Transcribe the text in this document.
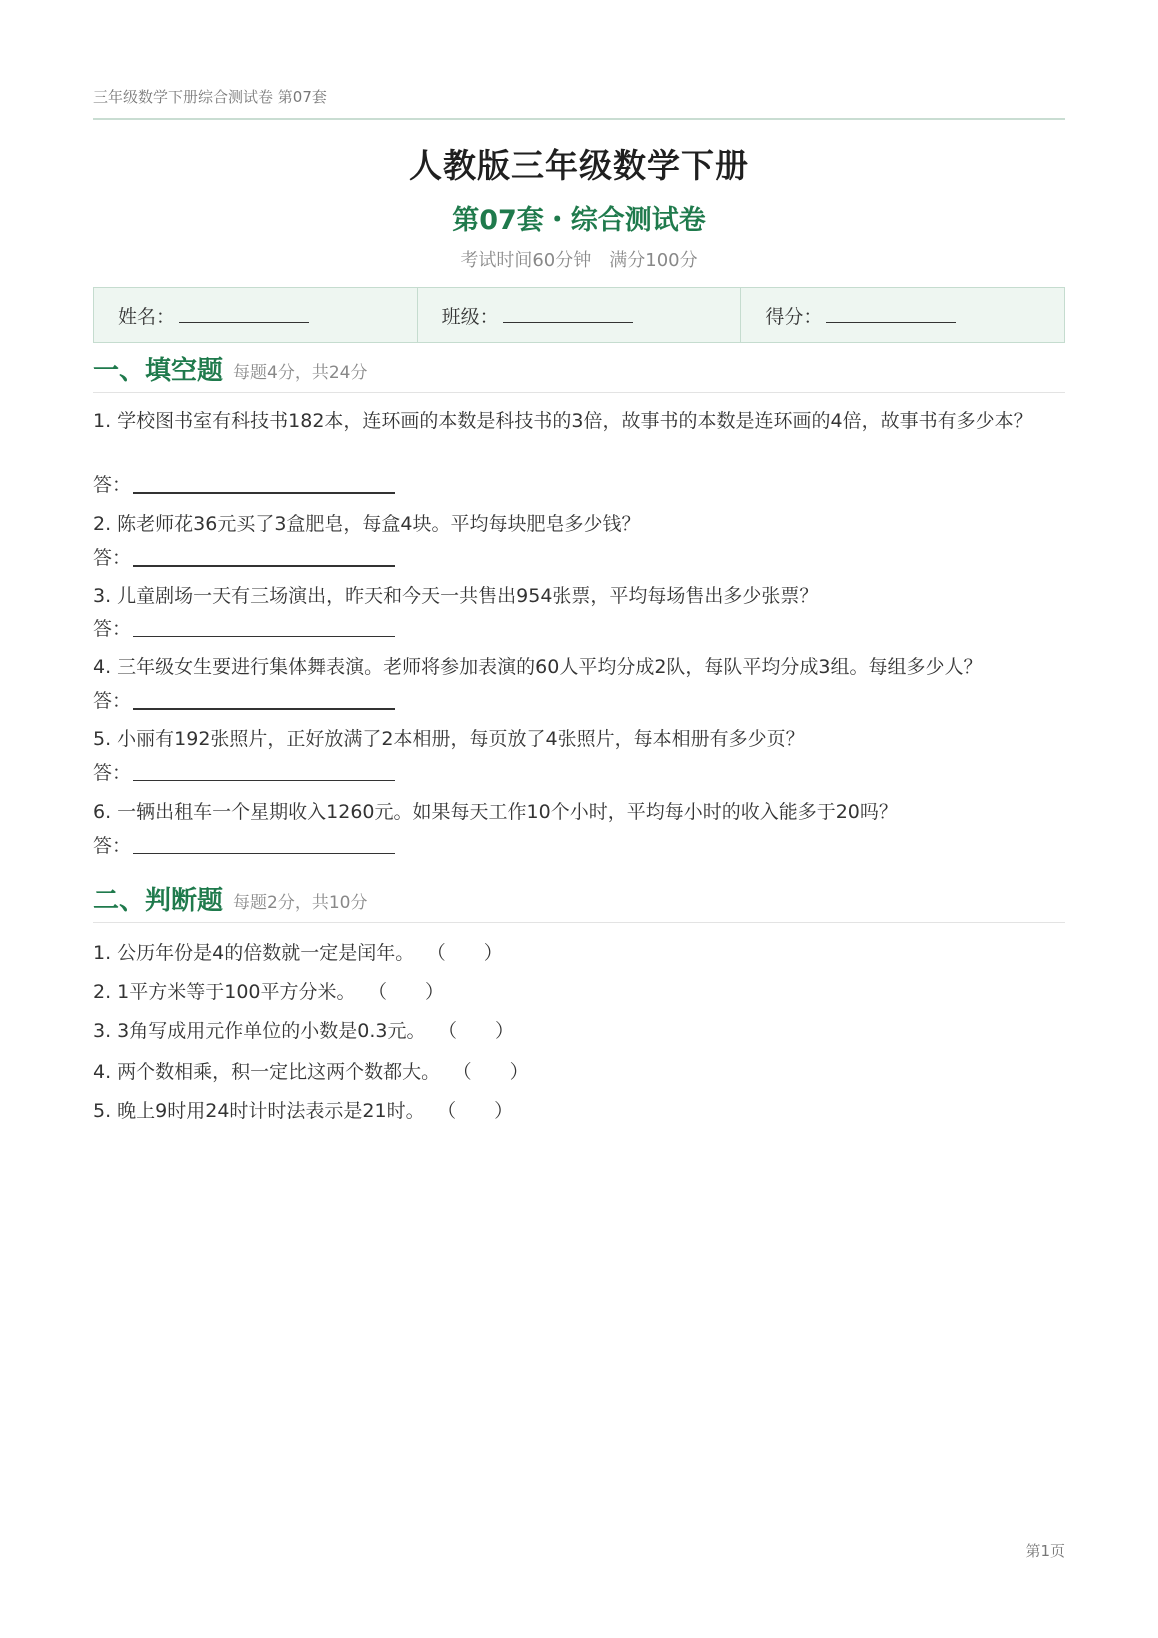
三年级数学下册综合测试卷 第07套
人教版三年级数学下册
第07套・综合测试卷
考试时间60分钟 满分100分
姓名：	班级：	得分：
一、填空题 每题4分，共24分
1. 学校图书室有科技书182本，连环画的本数是科技书的3倍，故事书的本数是连环画的4倍，故事书有多少本？
答：
2. 陈老师花36元买了3盒肥皂，每盒4块。平均每块肥皂多少钱？
答：
3. 儿童剧场一天有三场演出，昨天和今天一共售出954张票，平均每场售出多少张票？
答：
4. 三年级女生要进行集体舞表演。老师将参加表演的60人平均分成2队，每队平均分成3组。每组多少人？
答：
5. 小丽有192张照片，正好放满了2本相册，每页放了4张照片，每本相册有多少页？
答：
6. 一辆出租车一个星期收入1260元。如果每天工作10个小时，平均每小时的收入能多于20吗？
答：
二、判断题 每题2分，共10分
1. 公历年份是4的倍数就一定是闰年。 （　　）
2. 1平方米等于100平方分米。 （　　）
3. 3角写成用元作单位的小数是0.3元。 （　　）
4. 两个数相乘，积一定比这两个数都大。 （　　）
5. 晚上9时用24时计时法表示是21时。 （　　）
第1页
